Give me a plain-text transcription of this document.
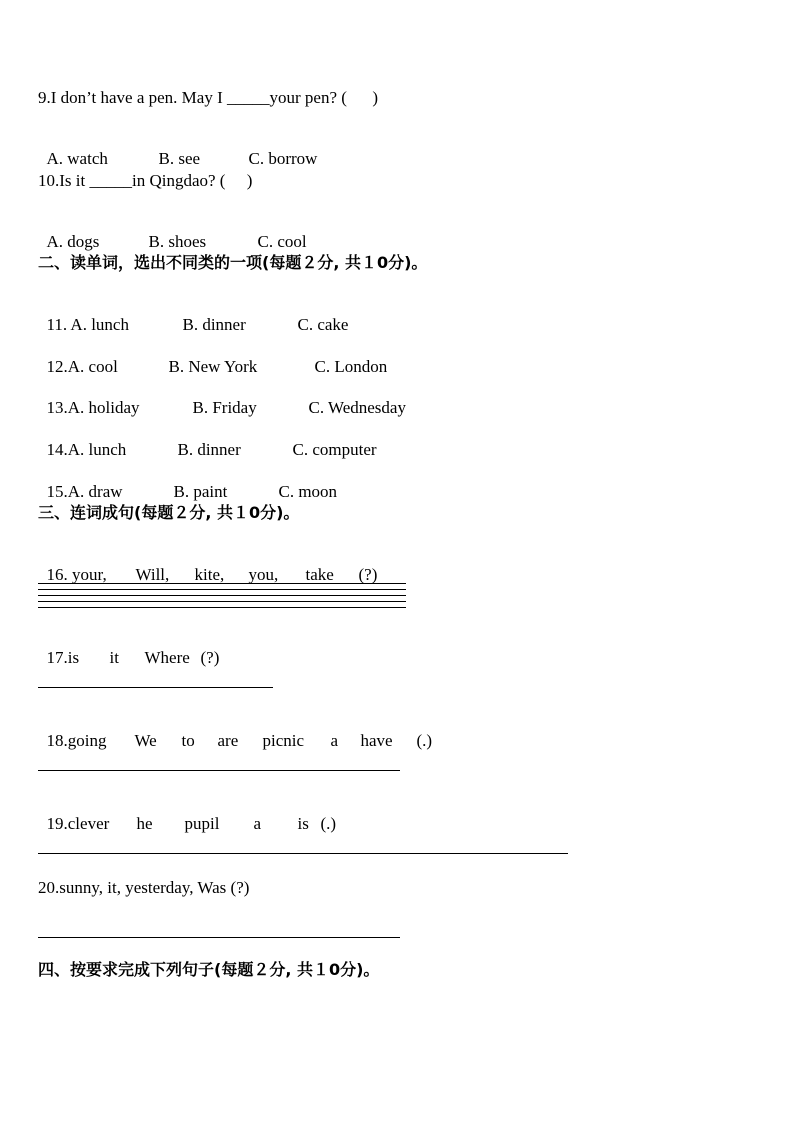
9.I don’t have a pen. May I _____your pen? (      )

A. watch	B. see	C. borrow

10.Is it _____in Qingdao? (     )

A. dogs	B. shoes	C. cool

二、读单词，选出不同类的一项(每题２分, 共１0分)。

11. A. lunch	B. dinner	C. cake

12.A. cool	B. New York	C. London

13.A. holiday	B. Friday	C. Wednesday

14.A. lunch	B. dinner	C. computer

15.A. draw	B. paint	C. moon

三、连词成句(每题２分, 共１0分)。

16. your, Will, kite, you, take (?)

17.is it Where (?)

18.going We to are picnic a have (.)

19.clever he pupil a is (.)

20.sunny, it, yesterday, Was (?)
四、按要求完成下列句子(每题２分, 共１0分)。
